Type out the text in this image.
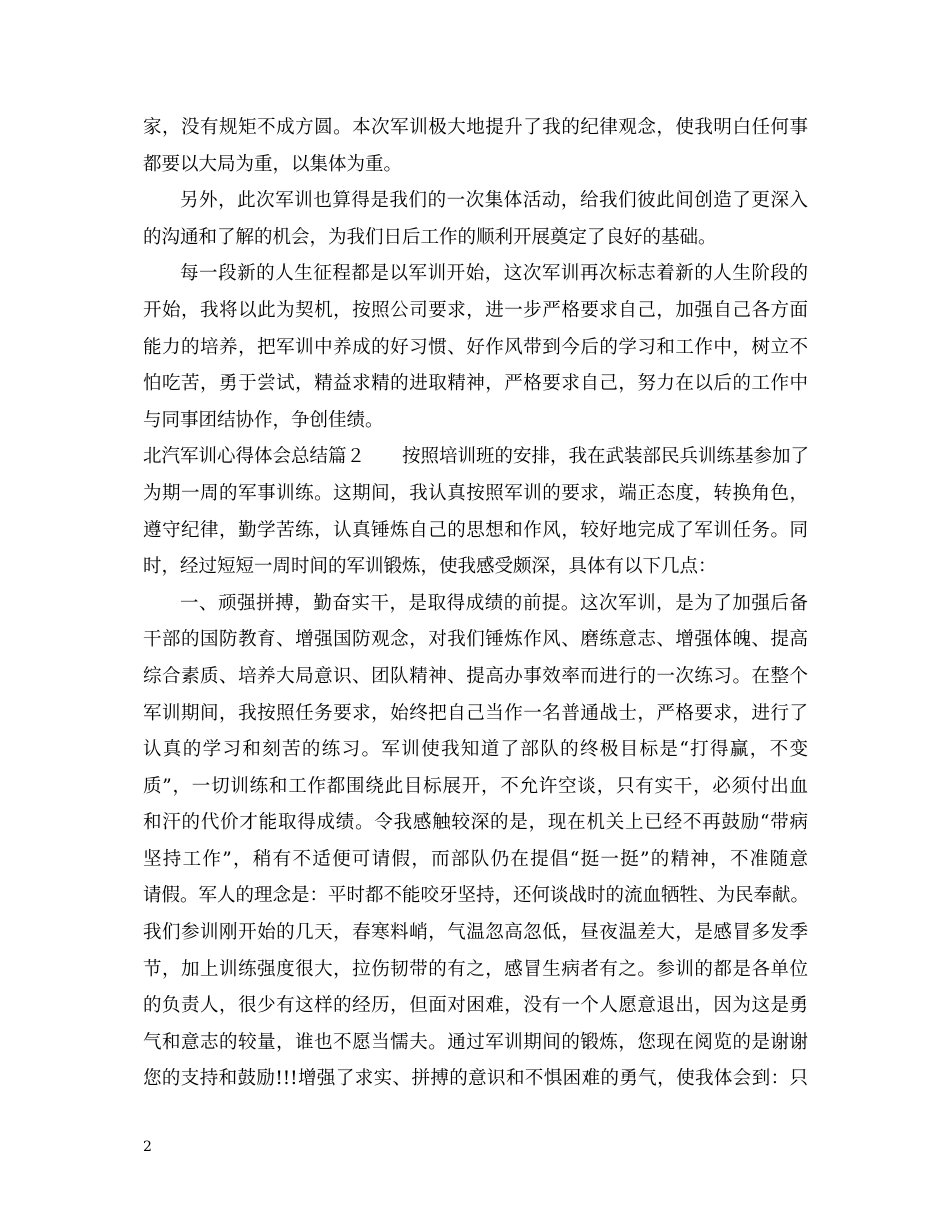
家，没有规矩不成方圆。本次军训极大地提升了我的纪律观念，使我明白任何事
都要以大局为重，以集体为重。
另外，此次军训也算得是我们的一次集体活动，给我们彼此间创造了更深入
的沟通和了解的机会，为我们日后工作的顺利开展奠定了良好的基础。
每一段新的人生征程都是以军训开始，这次军训再次标志着新的人生阶段的
开始，我将以此为契机，按照公司要求，进一步严格要求自己，加强自己各方面
能力的培养，把军训中养成的好习惯、好作风带到今后的学习和工作中，树立不
怕吃苦，勇于尝试，精益求精的进取精神，严格要求自己，努力在以后的工作中
与同事团结协作，争创佳绩。
北汽军训心得体会总结篇２ 按照培训班的安排，我在武装部民兵训练基参加了
为期一周的军事训练。这期间，我认真按照军训的要求，端正态度，转换角色，
遵守纪律，勤学苦练，认真锤炼自己的思想和作风，较好地完成了军训任务。同
时，经过短短一周时间的军训锻炼，使我感受颇深，具体有以下几点：
一、顽强拼搏，勤奋实干，是取得成绩的前提。这次军训，是为了加强后备
干部的国防教育、增强国防观念，对我们锤炼作风、磨练意志、增强体魄、提高
综合素质、培养大局意识、团队精神、提高办事效率而进行的一次练习。在整个
军训期间，我按照任务要求，始终把自己当作一名普通战士，严格要求，进行了
认真的学习和刻苦的练习。军训使我知道了部队的终极目标是“打得赢，不变
质”，一切训练和工作都围绕此目标展开，不允许空谈，只有实干，必须付出血
和汗的代价才能取得成绩。令我感触较深的是，现在机关上已经不再鼓励“带病
坚持工作”，稍有不适便可请假，而部队仍在提倡“挺一挺”的精神，不准随意
请假。军人的理念是：平时都不能咬牙坚持，还何谈战时的流血牺牲、为民奉献。
我们参训刚开始的几天，春寒料峭，气温忽高忽低，昼夜温差大，是感冒多发季
节，加上训练强度很大，拉伤韧带的有之，感冒生病者有之。参训的都是各单位
的负责人，很少有这样的经历，但面对困难，没有一个人愿意退出，因为这是勇
气和意志的较量，谁也不愿当懦夫。通过军训期间的锻炼，您现在阅览的是谢谢
您的支持和鼓励!!!增强了求实、拼搏的意识和不惧困难的勇气，使我体会到：只
2
